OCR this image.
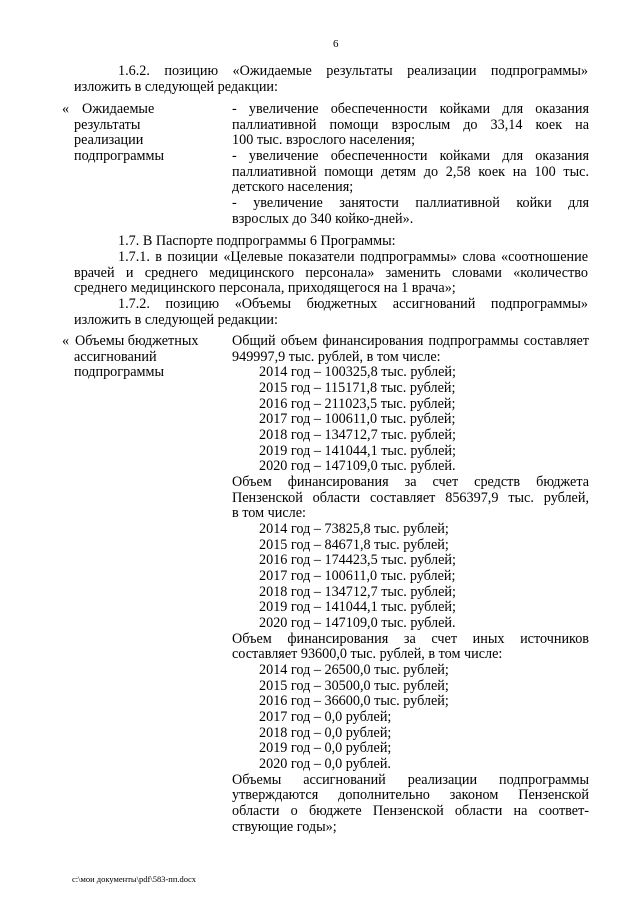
6
1.6.2. позицию «Ожидаемые результаты реализации подпрограммы»
изложить в следующей редакции:
« Ожидаемые
результаты
реализации
подпрограммы
- увеличение обеспеченности койками для оказания
паллиативной помощи взрослым до 33,14 коек на
100 тыс. взрослого населения;
- увеличение обеспеченности койками для оказания
паллиативной помощи детям до 2,58 коек на 100 тыс.
детского населения;
- увеличение занятости паллиативной койки для
взрослых до 340 койко-дней».
1.7. В Паспорте подпрограммы 6 Программы:
1.7.1. в позиции «Целевые показатели подпрограммы» слова «соотношение
врачей и среднего медицинского персонала» заменить словами «количество
среднего медицинского персонала, приходящегося на 1 врача»;
1.7.2. позицию «Объемы бюджетных ассигнований подпрограммы»
изложить в следующей редакции:
« Объемы бюджетных
ассигнований
подпрограммы
Общий объем финансирования подпрограммы составляет
949997,9 тыс. рублей, в том числе:
2014 год – 100325,8 тыс. рублей;
2015 год – 115171,8 тыс. рублей;
2016 год – 211023,5 тыс. рублей;
2017 год – 100611,0 тыс. рублей;
2018 год – 134712,7 тыс. рублей;
2019 год – 141044,1 тыс. рублей;
2020 год – 147109,0 тыс. рублей.
Объем финансирования за счет средств бюджета
Пензенской области составляет 856397,9 тыс. рублей,
в том числе:
2014 год – 73825,8 тыс. рублей;
2015 год – 84671,8 тыс. рублей;
2016 год – 174423,5 тыс. рублей;
2017 год – 100611,0 тыс. рублей;
2018 год – 134712,7 тыс. рублей;
2019 год – 141044,1 тыс. рублей;
2020 год – 147109,0 тыс. рублей.
Объем финансирования за счет иных источников
составляет 93600,0 тыс. рублей, в том числе:
2014 год – 26500,0 тыс. рублей;
2015 год – 30500,0 тыс. рублей;
2016 год – 36600,0 тыс. рублей;
2017 год – 0,0 рублей;
2018 год – 0,0 рублей;
2019 год – 0,0 рублей;
2020 год – 0,0 рублей.
Объемы ассигнований реализации подпрограммы
утверждаются дополнительно законом Пензенской
области о бюджете Пензенской области на соответ-
ствующие годы»;
c:\мои документы\pdf\583-пп.docx
